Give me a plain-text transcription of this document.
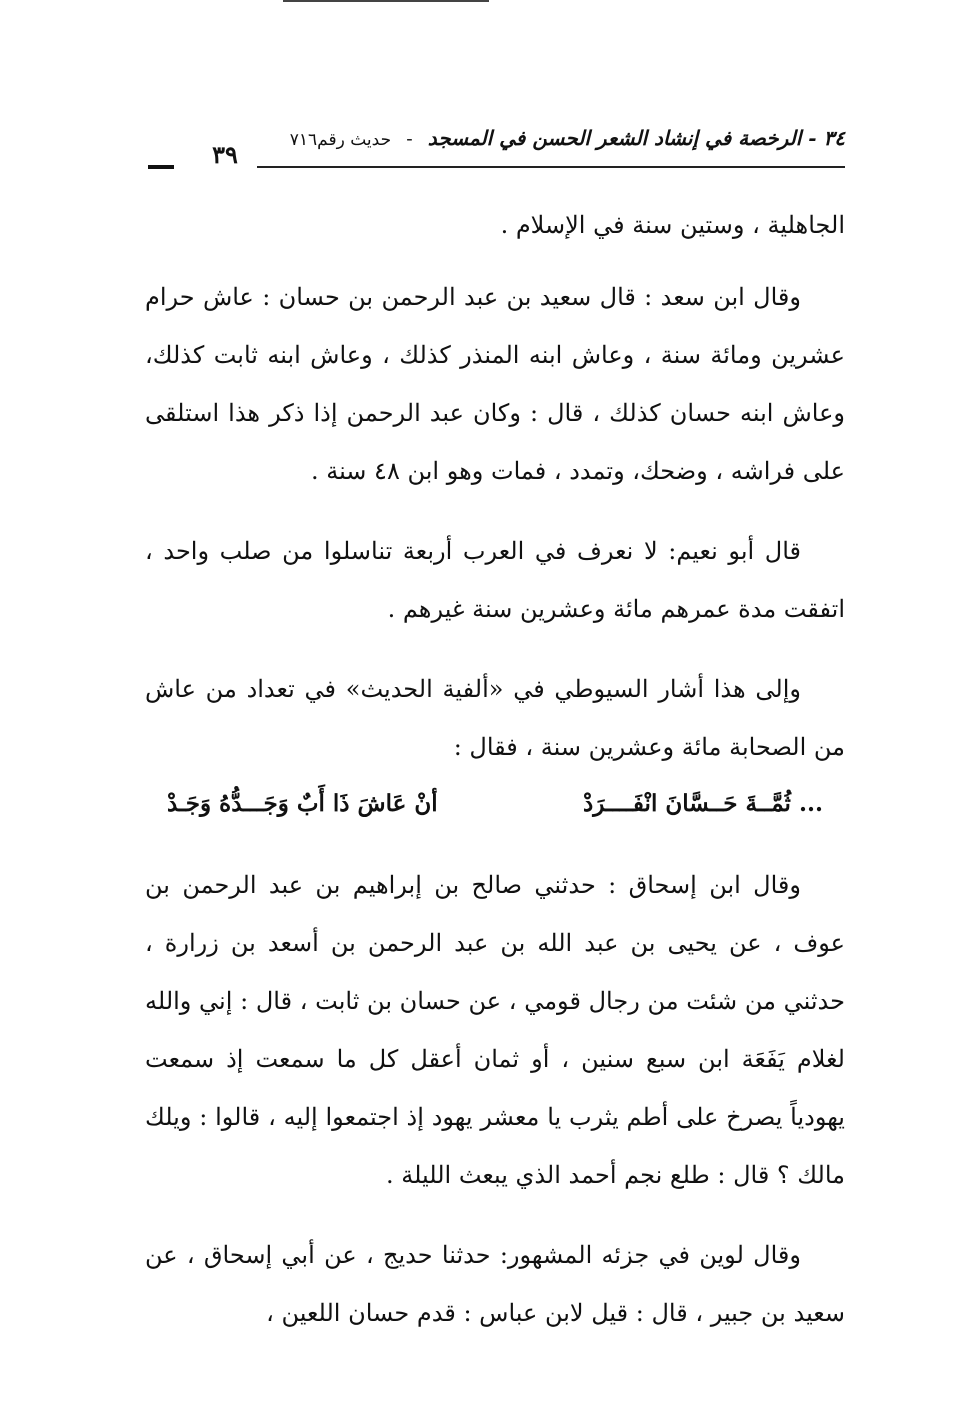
٣٤ - الرخصة في إنشاد الشعر الحسن في المسجد - حديث رقم٧١٦
٣٩

الجاهلية ، وستين سنة في الإسلام .

وقال ابن سعد : قال سعيد بن عبد الرحمن بن حسان : عاش حرام عشرين ومائة سنة ، وعاش ابنه المنذر كذلك ، وعاش ابنه ثابت كذلك، وعاش ابنه حسان كذلك ، قال : وكان عبد الرحمن إذا ذكر هذا استلقى على فراشه ، وضحك، وتمدد ، فمات وهو ابن ٤٨ سنة .

قال أبو نعيم: لا نعرف في العرب أربعة تناسلوا من صلب واحد ، اتفقت مدة عمرهم مائة وعشرين سنة غيرهم .

وإلى هذا أشار السيوطي في «ألفية الحديث» في تعداد من عاش من الصحابة مائة وعشرين سنة ، فقال :

... ثُمَّــةَ حَــسَّانَ انْفَــــرَدْ
أنْ عَاشَ ذَا أَبٌ وَجَـــدُّهُ وَجَـدْ

وقال ابن إسحاق : حدثني صالح بن إبراهيم بن عبد الرحمن بن عوف ، عن يحيى بن عبد الله بن عبد الرحمن بن أسعد بن زرارة ، حدثني من شئت من رجال قومي ، عن حسان بن ثابت ، قال : إني والله لغلام يَفَعَة ابن سبع سنين ، أو ثمان أعقل كل ما سمعت إذ سمعت يهودياً يصرخ على أطم يثرب يا معشر يهود إذ اجتمعوا إليه ، قالوا : ويلك مالك ؟ قال : طلع نجم أحمد الذي يبعث الليلة .

وقال لوين في جزئه المشهور: حدثنا حديج ، عن أبي إسحاق ، عن سعيد بن جبير ، قال : قيل لابن عباس : قدم حسان اللعين ،
